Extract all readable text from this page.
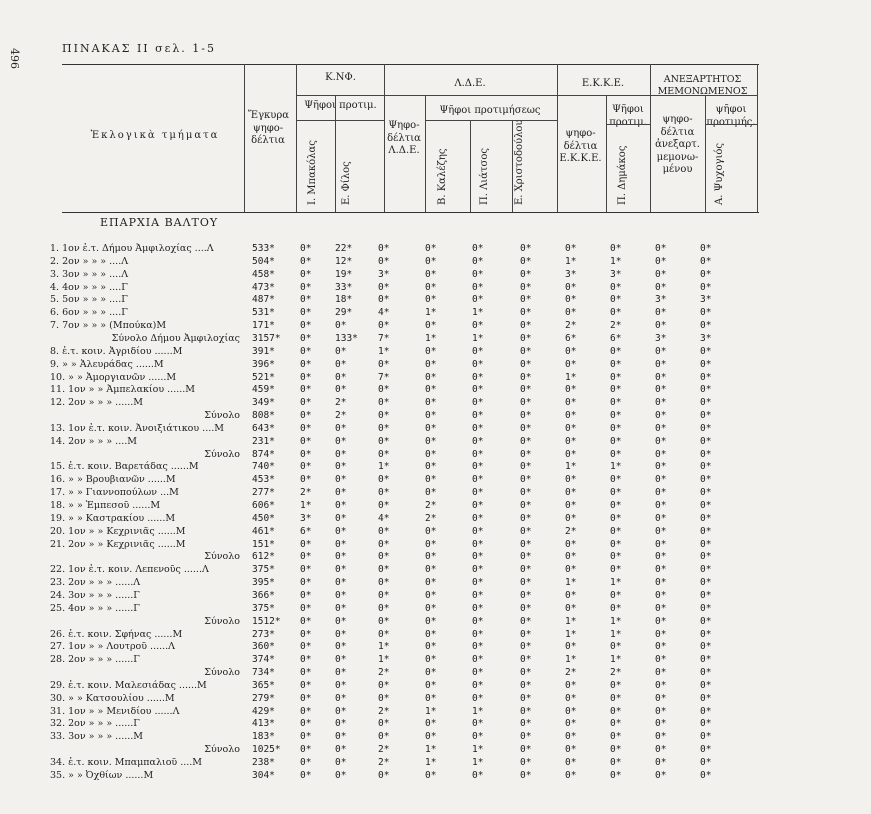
496	ΠΙΝΑΚΑΣ ΙΙ σελ. 1-5
Ἐκλογικὰ τμήματα
Ἔγκυρα ψηφο-δέλτια
Κ.ΝΦ.
Ψῆφοι προτιμ.
Ι. Μπακόλας Ε. Φίλος
Λ.Δ.Ε.
Ψηφο-δέλτια Λ.Δ.Ε.
Ψῆφοι προτιμήσεως
Β. Καλέζης	Π. Λιάτσος Ε. Χριστοδούλου
Ε.Κ.Κ.Ε.
ψηφο-δέλτια Ε.Κ.Κ.Ε.
Ψῆφοι προτιμ.
Π. Δημάκος
ΑΝΕΞΑΡΤΗΤΟΣ ΜΕΜΟΝΩΜΕΝΟΣ
ψηφο-δέλτια ἀνεξαρτ. μεμονω-μένου
ψῆφοι προτιμής.
Α. Ψυχογιός
ΕΠΑΡΧΙΑ ΒΑΛΤΟΥ
1. 1ον ἐ.τ. Δήμου Ἀμφιλοχίας ....Λ	533*	0* 22*	0*	0*	0*	0*	0*	0*	0*	0*
2. 2ον » » » ....Λ	504*	0* 12*	0*	0*	0*	0*	1*	1*	0*	0*
3. 3ον » » » ....Λ	458*	0* 19*	3*	0*	0*	0*	3*	3*	0*	0*
4. 4ον » » » ....Γ	473*	0* 33*	0*	0*	0*	0*	0*	0*	0*	0*
5. 5ον » » » ....Γ	487*	0* 18*	0*	0*	0*	0*	0*	0*	3*	3*
6. 6ον » » » ....Γ	531*	0* 29*	4*	1*	1*	0*	0*	0*	0*	0*
7. 7ον » » » (Μπούκα)Μ	171*	0* 0*	0*	0*	0*	0*	2*	2*	0*	0*
Σύνολο Δήμου Ἀμφιλοχίας 3157* 0* 133* 7*	1*	1*	0*	6*	6*	3*	3*
8. ἐ.τ. κοιν. Ἀγριδίου ......Μ	391*	0* 0*	1*	0*	0*	0*	0*	0*	0*	0*
9. » » Ἀλευράδας ......Μ	396*	0* 0*	0*	0*	0*	0*	0*	0*	0*	0*
10. » » Ἀμοργιανῶν ......Μ	521*	0* 0*	7*	0*	0*	0*	1*	0*	0*	0*
11. 1ον » » Ἀμπελακίου ......Μ	459*	0* 0*	0*	0*	0*	0*	0*	0*	0*	0*
12. 2ον » » » ......Μ	349*	0* 2*	0*	0*	0*	0*	0*	0*	0*	0*
Σύνολο 808*	0* 2*	0*	0*	0*	0*	0*	0*	0*	0*
13. 1ον ἐ.τ. κοιν. Ἀνοιξιάτικου ....Μ	643*	0* 0*	0*	0*	0*	0*	0*	0*	0*	0*
14. 2ον » » » ....Μ	231*	0* 0*	0*	0*	0*	0*	0*	0*	0*	0*
Σύνολο 874*	0* 0*	0*	0*	0*	0*	0*	0*	0*	0*
15. ἐ.τ. κοιν. Βαρετάδας ......Μ	740*	0* 0*	1*	0*	0*	0*	1*	1*	0*	0*
16. » » Βρουβιανῶν ......Μ	453*	0* 0*	0*	0*	0*	0*	0*	0*	0*	0*
17. » » Γιαννοπούλων ...Μ	277*	2* 0*	0*	0*	0*	0*	0*	0*	0*	0*
18. » » Ἐμπεσοῦ ......Μ	606*	1* 0*	0*	2*	0*	0*	0*	0*	0*	0*
19. » » Καστρακίου ......Μ	450*	3* 0*	4*	2*	0*	0*	0*	0*	0*	0*
20. 1ον » » Κεχρινιᾶς ......Μ	461*	6* 0*	0*	0*	0*	0*	2*	0*	0*	0*
21. 2ον » » Κεχρινιᾶς ......Μ	151*	0* 0*	0*	0*	0*	0*	0*	0*	0*	0*
Σύνολο 612*	0* 0*	0*	0*	0*	0*	0*	0*	0*	0*
22. 1ον ἐ.τ. κοιν. Λεπενοῦς ......Λ	375*	0* 0*	0*	0*	0*	0*	0*	0*	0*	0*
23. 2ον » » » ......Λ	395*	0* 0*	0*	0*	0*	0*	1*	1*	0*	0*
24. 3ον » » » ......Γ	366*	0* 0*	0*	0*	0*	0*	0*	0*	0*	0*
25. 4ον » » » ......Γ	375*	0* 0*	0*	0*	0*	0*	0*	0*	0*	0*
Σύνολο 1512* 0* 0*	0*	0*	0*	0*	1*	1*	0*	0*
26. ἐ.τ. κοιν. Σφήνας ......Μ	273*	0* 0*	0*	0*	0*	0*	1*	1*	0*	0*
27. 1ον » » Λουτροῦ ......Λ	360*	0* 0*	1*	0*	0*	0*	0*	0*	0*	0*
28. 2ον » » » ......Γ	374*	0* 0*	1*	0*	0*	0*	1*	1*	0*	0*
Σύνολο 734*	0* 0*	2*	0*	0*	0*	2*	2*	0*	0*
29. ἐ.τ. κοιν. Μαλεσιάδας ......Μ	365*	0* 0*	0*	0*	0*	0*	0*	0*	0*	0*
30. » » Κατσουλίου ......Μ	279*	0* 0*	0*	0*	0*	0*	0*	0*	0*	0*
31. 1ον » » Μενιδίου ......Λ	429*	0* 0*	2*	1*	1*	0*	0*	0*	0*	0*
32. 2ον » » » ......Γ	413*	0* 0*	0*	0*	0*	0*	0*	0*	0*	0*
33. 3ον » » » ......Μ	183*	0* 0*	0*	0*	0*	0*	0*	0*	0*	0*
Σύνολο 1025* 0* 0*	2*	1*	1*	0*	0*	0*	0*	0*
34. ἐ.τ. κοιν. Μπαμπαλιοῦ ....Μ	238*	0* 0*	2*	1*	1*	0*	0*	0*	0*	0*
35. » » Ὀχθίων ......Μ	304*	0* 0*	0*	0*	0*	0*	0*	0*	0*	0*
